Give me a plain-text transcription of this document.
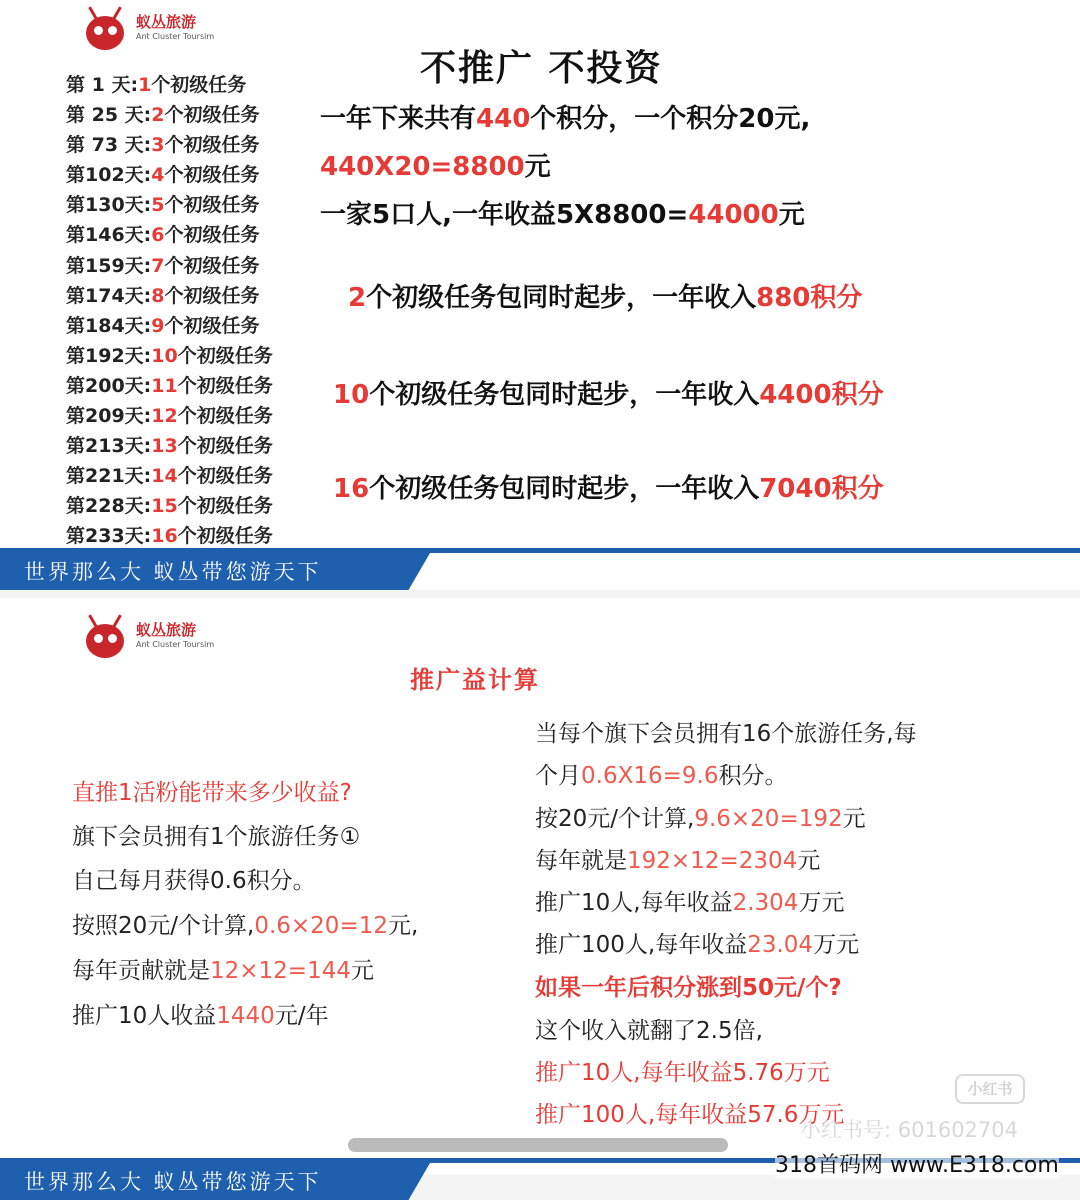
蚁丛旅游
Ant Cluster Toursim
不推广 不投资
第 1 天:1个初级任务
第 25 天:2个初级任务
第 73 天:3个初级任务
第102天:4个初级任务
第130天:5个初级任务
第146天:6个初级任务
第159天:7个初级任务
第174天:8个初级任务
第184天:9个初级任务
第192天:10个初级任务
第200天:11个初级任务
第209天:12个初级任务
第213天:13个初级任务
第221天:14个初级任务
第228天:15个初级任务
第233天:16个初级任务
一年下来共有440个积分，一个积分20元,
440X20=8800元
一家5口人,一年收益5X8800=44000元
2个初级任务包同时起步，一年收入880积分
10个初级任务包同时起步，一年收入4400积分
16个初级任务包同时起步，一年收入7040积分
世界那么大 蚁丛带您游天下
蚁丛旅游
Ant Cluster Toursim
推广益计算
直推1活粉能带来多少收益?
旗下会员拥有1个旅游任务①
自己每月获得0.6积分。
按照20元/个计算,0.6×20=12元,
每年贡献就是12×12=144元
推广10人收益1440元/年
当每个旗下会员拥有16个旅游任务,每
个月0.6X16=9.6积分。
按20元/个计算,9.6×20=192元
每年就是192×12=2304元
推广10人,每年收益2.304万元
推广100人,每年收益23.04万元
如果一年后积分涨到50元/个?
这个收入就翻了2.5倍,
推广10人,每年收益5.76万元
推广100人,每年收益57.6万元
小红书
小红书号: 601602704
世界那么大 蚁丛带您游天下
318首码网 www.E318.com
